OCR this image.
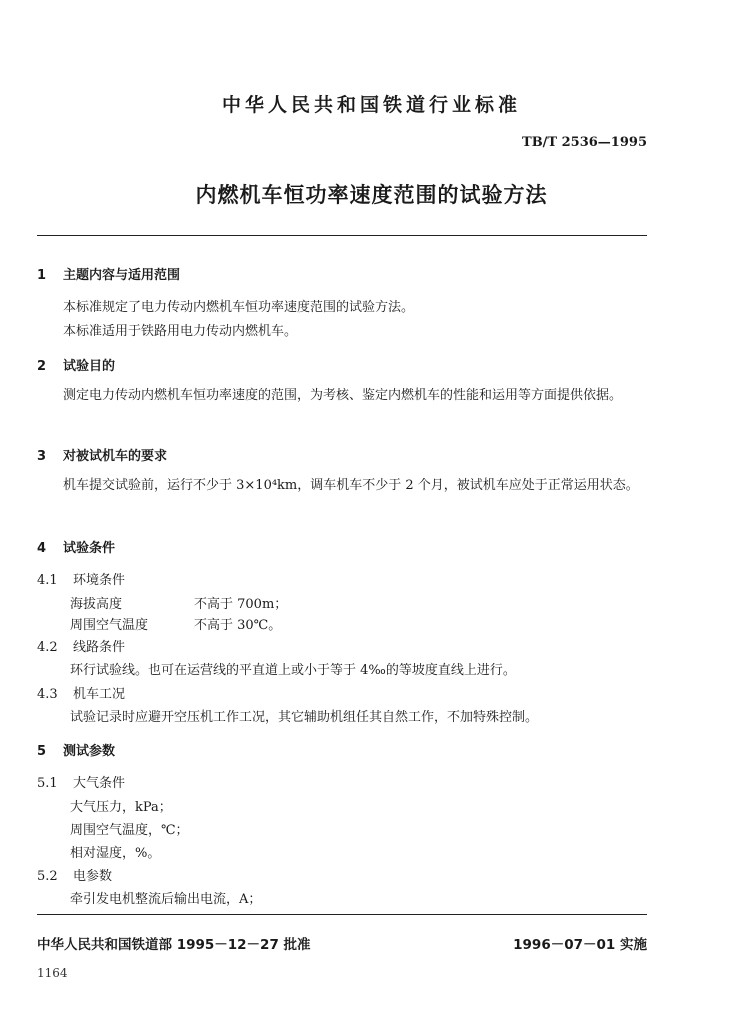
中华人民共和国铁道行业标准
TB/T 2536—1995
内燃机车恒功率速度范围的试验方法
1 主题内容与适用范围
本标准规定了电力传动内燃机车恒功率速度范围的试验方法。
本标准适用于铁路用电力传动内燃机车。
2 试验目的
测定电力传动内燃机车恒功率速度的范围，为考核、鉴定内燃机车的性能和运用等方面提供依据。
3 对被试机车的要求
机车提交试验前，运行不少于 3×10⁴km，调车机车不少于 2 个月，被试机车应处于正常运用状态。
4 试验条件
4.1 环境条件
海拔高度	不高于 700m；
周围空气温度	不高于 30℃。
4.2 线路条件
环行试验线。也可在运营线的平直道上或小于等于 4‰的等坡度直线上进行。
4.3 机车工况
试验记录时应避开空压机工作工况，其它辅助机组任其自然工作，不加特殊控制。
5 测试参数
5.1 大气条件
大气压力，kPa；
周围空气温度，℃；
相对湿度，%。
5.2 电参数
牵引发电机整流后输出电流，A；
中华人民共和国铁道部 1995－12－27 批准	1996－07－01 实施
1164
